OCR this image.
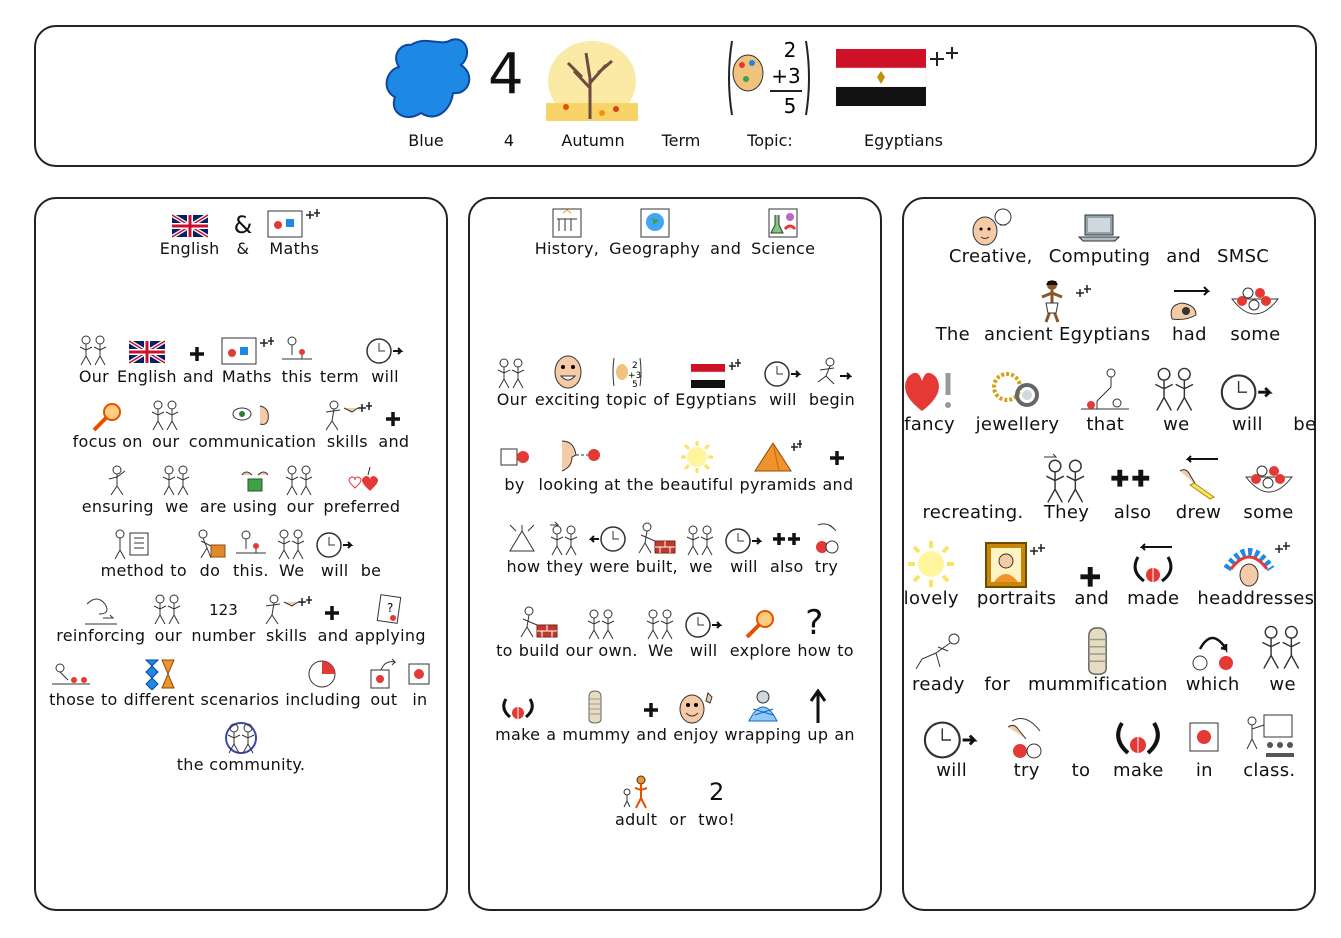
4	2
+3
5
Blue	4	Autumn	Term	Topic:	Egyptians
English
&
& Maths
Our English and Maths this term will
focus on our communication skills and
ensuring we are using our preferred
method to do this. We will be
reinforcing our
123
number skills and
?
applying
those to different scenarios including out in
the community.
History, Geography and Science
Our exciting
2
+3
5
topic of Egyptians will begin
by looking at the beautiful pyramids and
how they were built, we will also try
to build our own. We will explore
?
how to
make a mummy and enjoy wrapping up an
adult or
2
two!
Creative, Computing and SMSC
The ancient Egyptians had some
fancy jewellery that we will be
recreating. They also drew some
lovely portraits and made headdresses
ready for mummification which we
will	try to make in class.
